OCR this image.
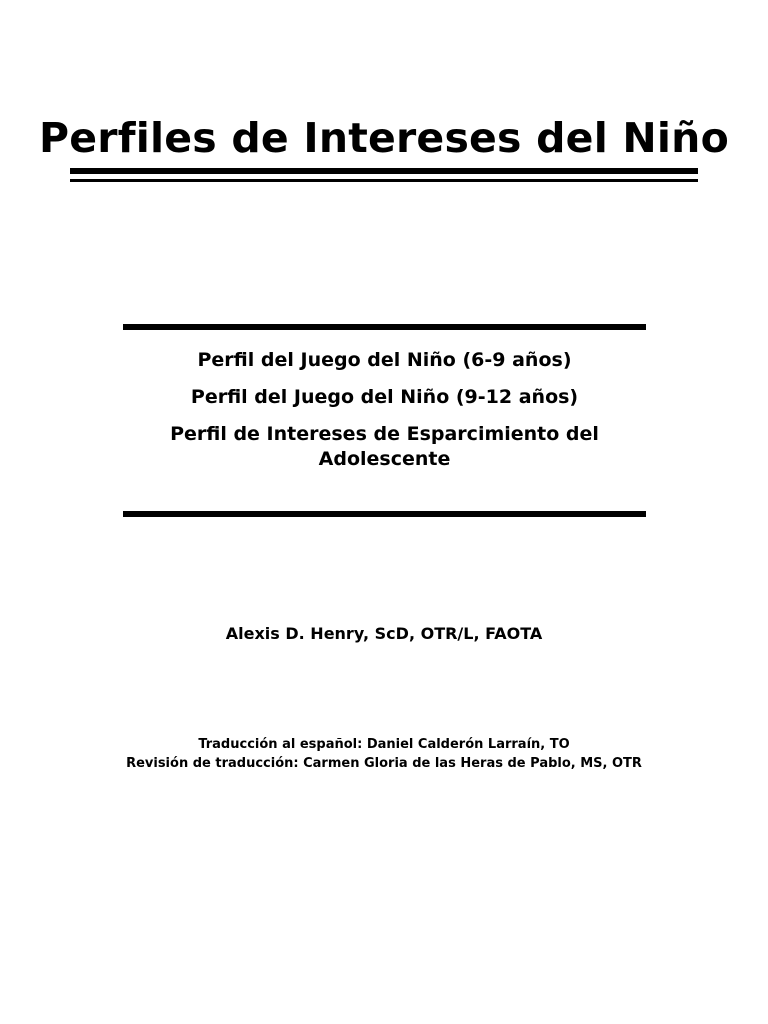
Perfiles de Intereses del Niño
Perfil del Juego del Niño (6-9 años)
Perfil del Juego del Niño (9-12 años)
Perfil de Intereses de Esparcimiento del Adolescente

Alexis D. Henry, ScD, OTR/L, FAOTA

Traducción al español: Daniel Calderón Larraín, TO
Revisión de traducción: Carmen Gloria de las Heras de Pablo, MS, OTR
